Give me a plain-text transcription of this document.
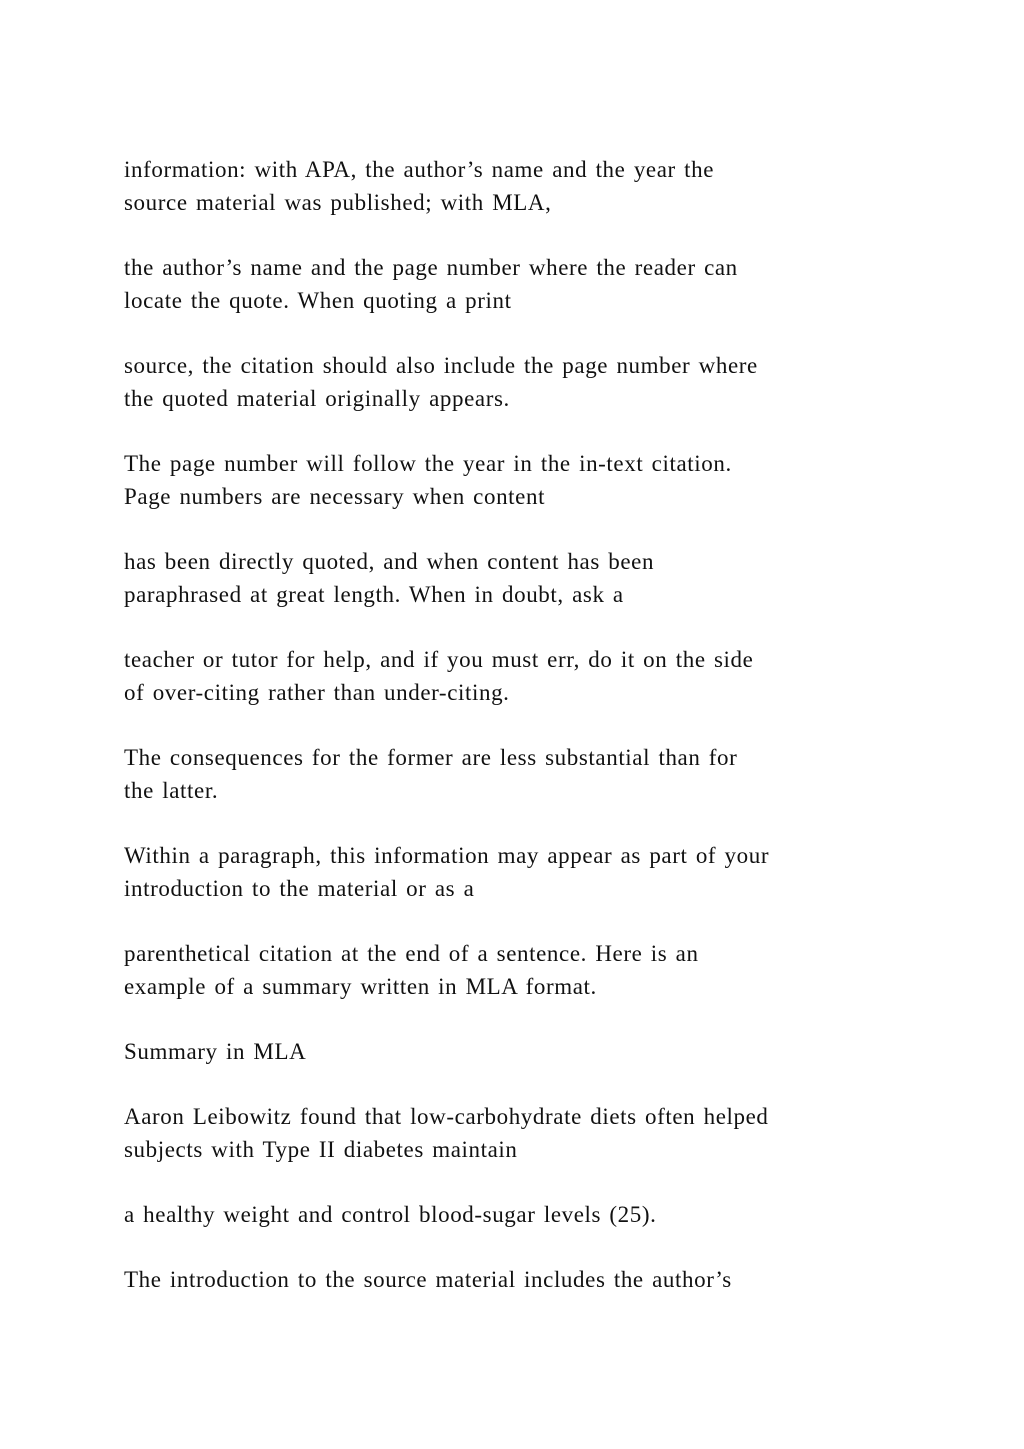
information: with APA, the author’s name and the year the
source material was published; with MLA,

the author’s name and the page number where the reader can
locate the quote. When quoting a print

source, the citation should also include the page number where
the quoted material originally appears.

The page number will follow the year in the in-text citation.
Page numbers are necessary when content

has been directly quoted, and when content has been
paraphrased at great length. When in doubt, ask a

teacher or tutor for help, and if you must err, do it on the side
of over-citing rather than under-citing.

The consequences for the former are less substantial than for
the latter.

Within a paragraph, this information may appear as part of your
introduction to the material or as a

parenthetical citation at the end of a sentence. Here is an
example of a summary written in MLA format.

Summary in MLA

Aaron Leibowitz found that low-carbohydrate diets often helped
subjects with Type II diabetes maintain

a healthy weight and control blood-sugar levels (25).

The introduction to the source material includes the author’s
